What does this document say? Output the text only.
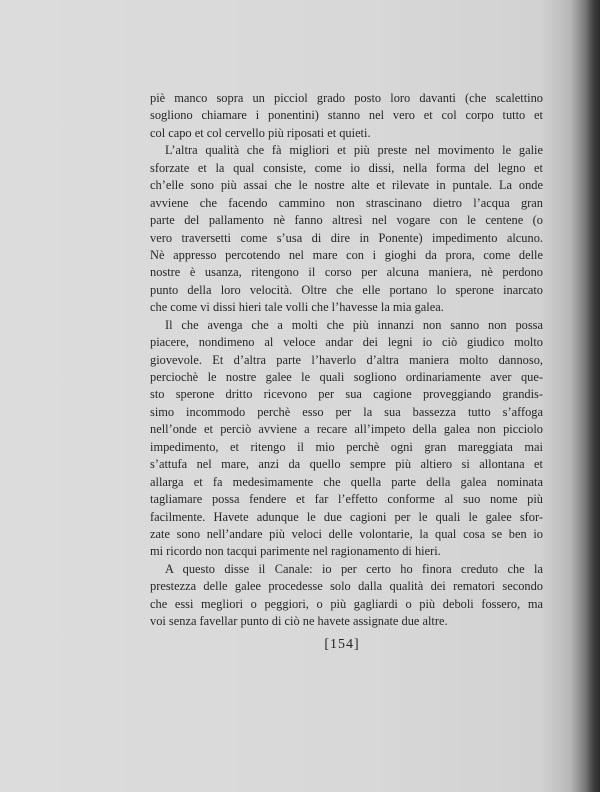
piè manco sopra un picciol grado posto loro davanti (che scalettino
sogliono chiamare i ponentini) stanno nel vero et col corpo tutto et
col capo et col cervello più riposati et quieti.
L’altra qualità che fà migliori et più preste nel movimento le galie
sforzate et la qual consiste, come io dissi, nella forma del legno et
ch’elle sono più assai che le nostre alte et rilevate in puntale. La onde
avviene che facendo cammino non strascinano dietro l’acqua gran
parte del pallamento nè fanno altresì nel vogare con le centene (o
vero traversetti come s’usa di dire in Ponente) impedimento alcuno.
Nè appresso percotendo nel mare con i gioghi da prora, come delle
nostre è usanza, ritengono il corso per alcuna maniera, nè perdono
punto della loro velocità. Oltre che elle portano lo sperone inarcato
che come vi dissi hieri tale volli che l’havesse la mia galea.
Il che avenga che a molti che più innanzi non sanno non possa
piacere, nondimeno al veloce andar dei legni io ciò giudico molto
giovevole. Et d’altra parte l’haverlo d’altra maniera molto dannoso,
perciochè le nostre galee le quali sogliono ordinariamente aver que-
sto sperone dritto ricevono per sua cagione proveggiando grandis-
simo incommodo perchè esso per la sua bassezza tutto s’affoga
nell’onde et perciò avviene a recare all’impeto della galea non picciolo
impedimento, et ritengo il mio perchè ogni gran mareggiata mai
s’attufa nel mare, anzi da quello sempre più altiero si allontana et
allarga et fa medesimamente che quella parte della galea nominata
tagliamare possa fendere et far l’effetto conforme al suo nome più
facilmente. Havete adunque le due cagioni per le quali le galee sfor-
zate sono nell’andare più veloci delle volontarie, la qual cosa se ben io
mi ricordo non tacqui parimente nel ragionamento di hieri.
A questo disse il Canale: io per certo ho finora creduto che la
prestezza delle galee procedesse solo dalla qualità dei rematori secondo
che essi megliori o peggiori, o più gagliardi o più deboli fossero, ma
voi senza favellar punto di ciò ne havete assignate due altre.
[154]
